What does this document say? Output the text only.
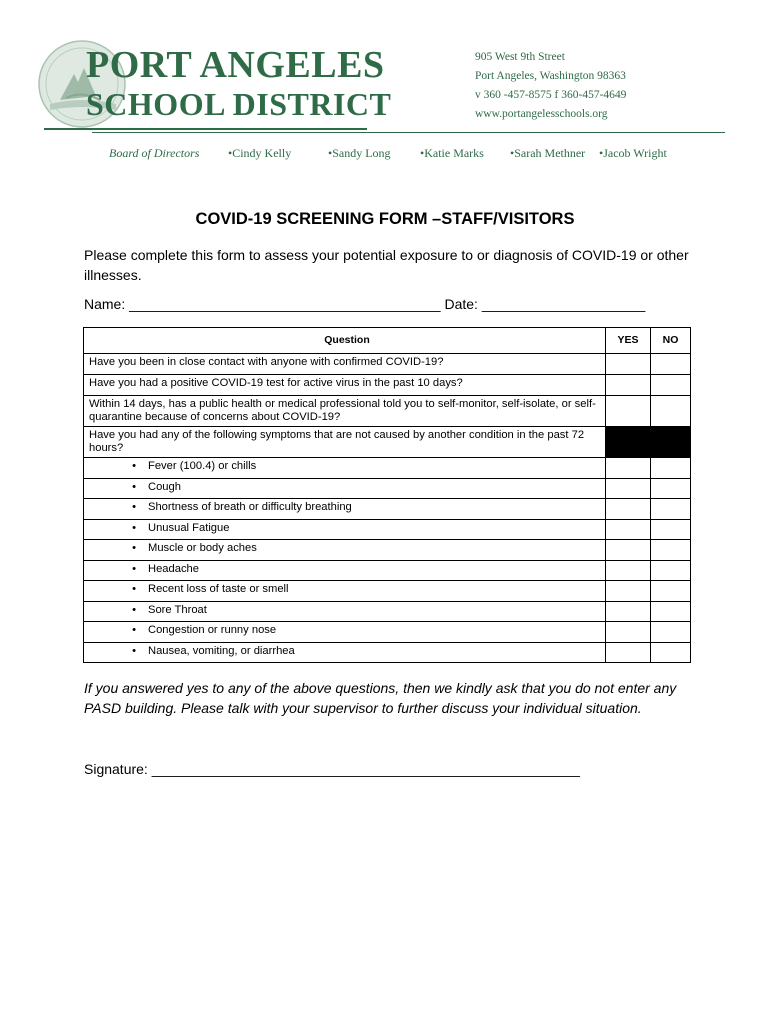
PORT ANGELES
SCHOOL DISTRICT
905 West 9th Street
Port Angeles, Washington 98363
v 360 -457-8575 f 360-457-4649
www.portangelesschools.org
Board of Directors • Cindy Kelly	• Sandy Long • Katie Marks • Sarah Methner • Jacob Wright
COVID-19 SCREENING FORM –STAFF/VISITORS
Please complete this form to assess your potential exposure to or diagnosis of COVID-19 or other illnesses.
Name: ________________________________________ Date: _____________________
Question	YES	NO
Have you been in close contact with anyone with confirmed COVID-19?		
Have you had a positive COVID-19 test for active virus in the past 10 days?		
Within 14 days, has a public health or medical professional told you to self-monitor, self-isolate, or self-quarantine because of concerns about COVID-19?		
Have you had any of the following symptoms that are not caused by another condition in the past 72 hours?		
• Fever (100.4) or chills		
• Cough		
• Shortness of breath or difficulty breathing		
• Unusual Fatigue		
• Muscle or body aches		
• Headache		
• Recent loss of taste or smell		
• Sore Throat		
• Congestion or runny nose		
• Nausea, vomiting, or diarrhea		
If you answered yes to any of the above questions, then we kindly ask that you do not enter any PASD building. Please talk with your supervisor to further discuss your individual situation.
Signature: _______________________________________________________
